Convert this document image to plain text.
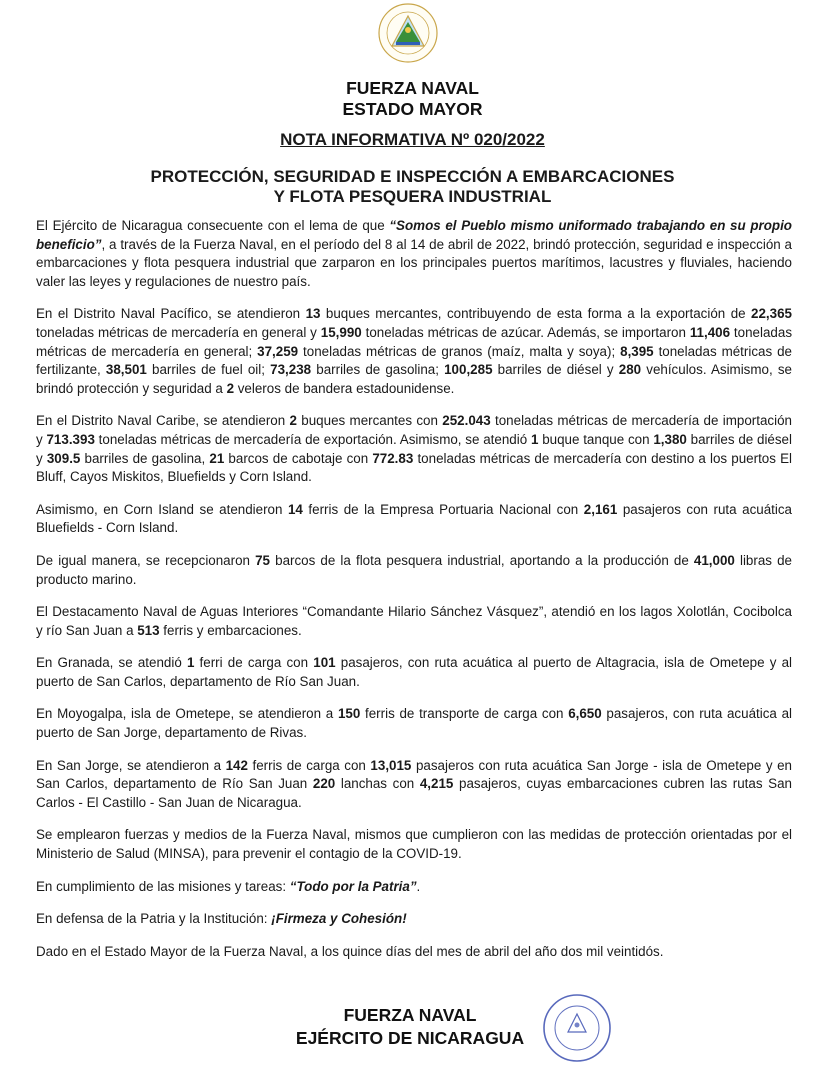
FUERZA NAVAL
ESTADO MAYOR
NOTA INFORMATIVA Nº 020/2022
PROTECCIÓN, SEGURIDAD E INSPECCIÓN A EMBARCACIONES
Y FLOTA PESQUERA INDUSTRIAL

El Ejército de Nicaragua consecuente con el lema de que “Somos el Pueblo mismo uniformado trabajando en su propio beneficio”, a través de la Fuerza Naval, en el período del 8 al 14 de abril de 2022, brindó protección, seguridad e inspección a embarcaciones y flota pesquera industrial que zarparon en los principales puertos marítimos, lacustres y fluviales, haciendo valer las leyes y regulaciones de nuestro país.

En el Distrito Naval Pacífico, se atendieron 13 buques mercantes, contribuyendo de esta forma a la exportación de 22,365 toneladas métricas de mercadería en general y 15,990 toneladas métricas de azúcar. Además, se importaron 11,406 toneladas métricas de mercadería en general; 37,259 toneladas métricas de granos (maíz, malta y soya); 8,395 toneladas métricas de fertilizante, 38,501 barriles de fuel oil; 73,238 barriles de gasolina; 100,285 barriles de diésel y 280 vehículos. Asimismo, se brindó protección y seguridad a 2 veleros de bandera estadounidense.

En el Distrito Naval Caribe, se atendieron 2 buques mercantes con 252.043 toneladas métricas de mercadería de importación y 713.393 toneladas métricas de mercadería de exportación. Asimismo, se atendió 1 buque tanque con 1,380 barriles de diésel y 309.5 barriles de gasolina, 21 barcos de cabotaje con 772.83 toneladas métricas de mercadería con destino a los puertos El Bluff, Cayos Miskitos, Bluefields y Corn Island.

Asimismo, en Corn Island se atendieron 14 ferris de la Empresa Portuaria Nacional con 2,161 pasajeros con ruta acuática Bluefields - Corn Island.

De igual manera, se recepcionaron 75 barcos de la flota pesquera industrial, aportando a la producción de 41,000 libras de producto marino.

El Destacamento Naval de Aguas Interiores “Comandante Hilario Sánchez Vásquez”, atendió en los lagos Xolotlán, Cocibolca y río San Juan a 513 ferris y embarcaciones.

En Granada, se atendió 1 ferri de carga con 101 pasajeros, con ruta acuática al puerto de Altagracia, isla de Ometepe y al puerto de San Carlos, departamento de Río San Juan.

En Moyogalpa, isla de Ometepe, se atendieron a 150 ferris de transporte de carga con 6,650 pasajeros, con ruta acuática al puerto de San Jorge, departamento de Rivas.

En San Jorge, se atendieron a 142 ferris de carga con 13,015 pasajeros con ruta acuática San Jorge - isla de Ometepe y en San Carlos, departamento de Río San Juan 220 lanchas con 4,215 pasajeros, cuyas embarcaciones cubren las rutas San Carlos - El Castillo - San Juan de Nicaragua.

Se emplearon fuerzas y medios de la Fuerza Naval, mismos que cumplieron con las medidas de protección orientadas por el Ministerio de Salud (MINSA), para prevenir el contagio de la COVID-19.

En cumplimiento de las misiones y tareas: “Todo por la Patria”.

En defensa de la Patria y la Institución: ¡Firmeza y Cohesión!

Dado en el Estado Mayor de la Fuerza Naval, a los quince días del mes de abril del año dos mil veintidós.

FUERZA NAVAL
EJÉRCITO DE NICARAGUA
